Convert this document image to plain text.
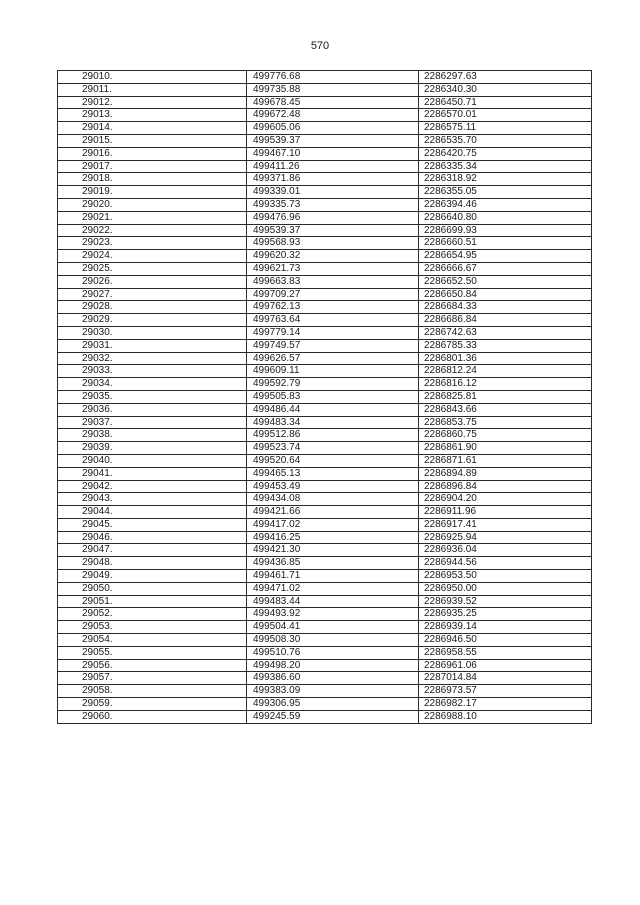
570
29010.	499776.68	2286297.63
29011.	499735.88	2286340.30
29012.	499678.45	2286450.71
29013.	499672.48	2286570.01
29014.	499605.06	2286575.11
29015.	499539.37	2286535.70
29016.	499467.10	2286420.75
29017.	499411.26	2286335.34
29018.	499371.86	2286318.92
29019.	499339.01	2286355.05
29020.	499335.73	2286394.46
29021.	499476.96	2286640.80
29022.	499539.37	2286699.93
29023.	499568.93	2286660.51
29024.	499620.32	2286654.95
29025.	499621.73	2286666.67
29026.	499663.83	2286652.50
29027.	499709.27	2286650.84
29028.	499762.13	2286684.33
29029.	499763.64	2286686.84
29030.	499779.14	2286742.63
29031.	499749.57	2286785.33
29032.	499626.57	2286801.36
29033.	499609.11	2286812.24
29034.	499592.79	2286816.12
29035.	499505.83	2286825.81
29036.	499486.44	2286843.66
29037.	499483.34	2286853.75
29038.	499512.86	2286860.75
29039.	499523.74	2286861.90
29040.	499520.64	2286871.61
29041.	499465.13	2286894.89
29042.	499453.49	2286896.84
29043.	499434.08	2286904.20
29044.	499421.66	2286911.96
29045.	499417.02	2286917.41
29046.	499416.25	2286925.94
29047.	499421.30	2286936.04
29048.	499436.85	2286944.56
29049.	499461.71	2286953.50
29050.	499471.02	2286950.00
29051.	499483.44	2286939.52
29052.	499493.92	2286935.25
29053.	499504.41	2286939.14
29054.	499508.30	2286946.50
29055.	499510.76	2286958.55
29056.	499498.20	2286961.06
29057.	499386.60	2287014.84
29058.	499383.09	2286973.57
29059.	499306.95	2286982.17
29060.	499245.59	2286988.10
